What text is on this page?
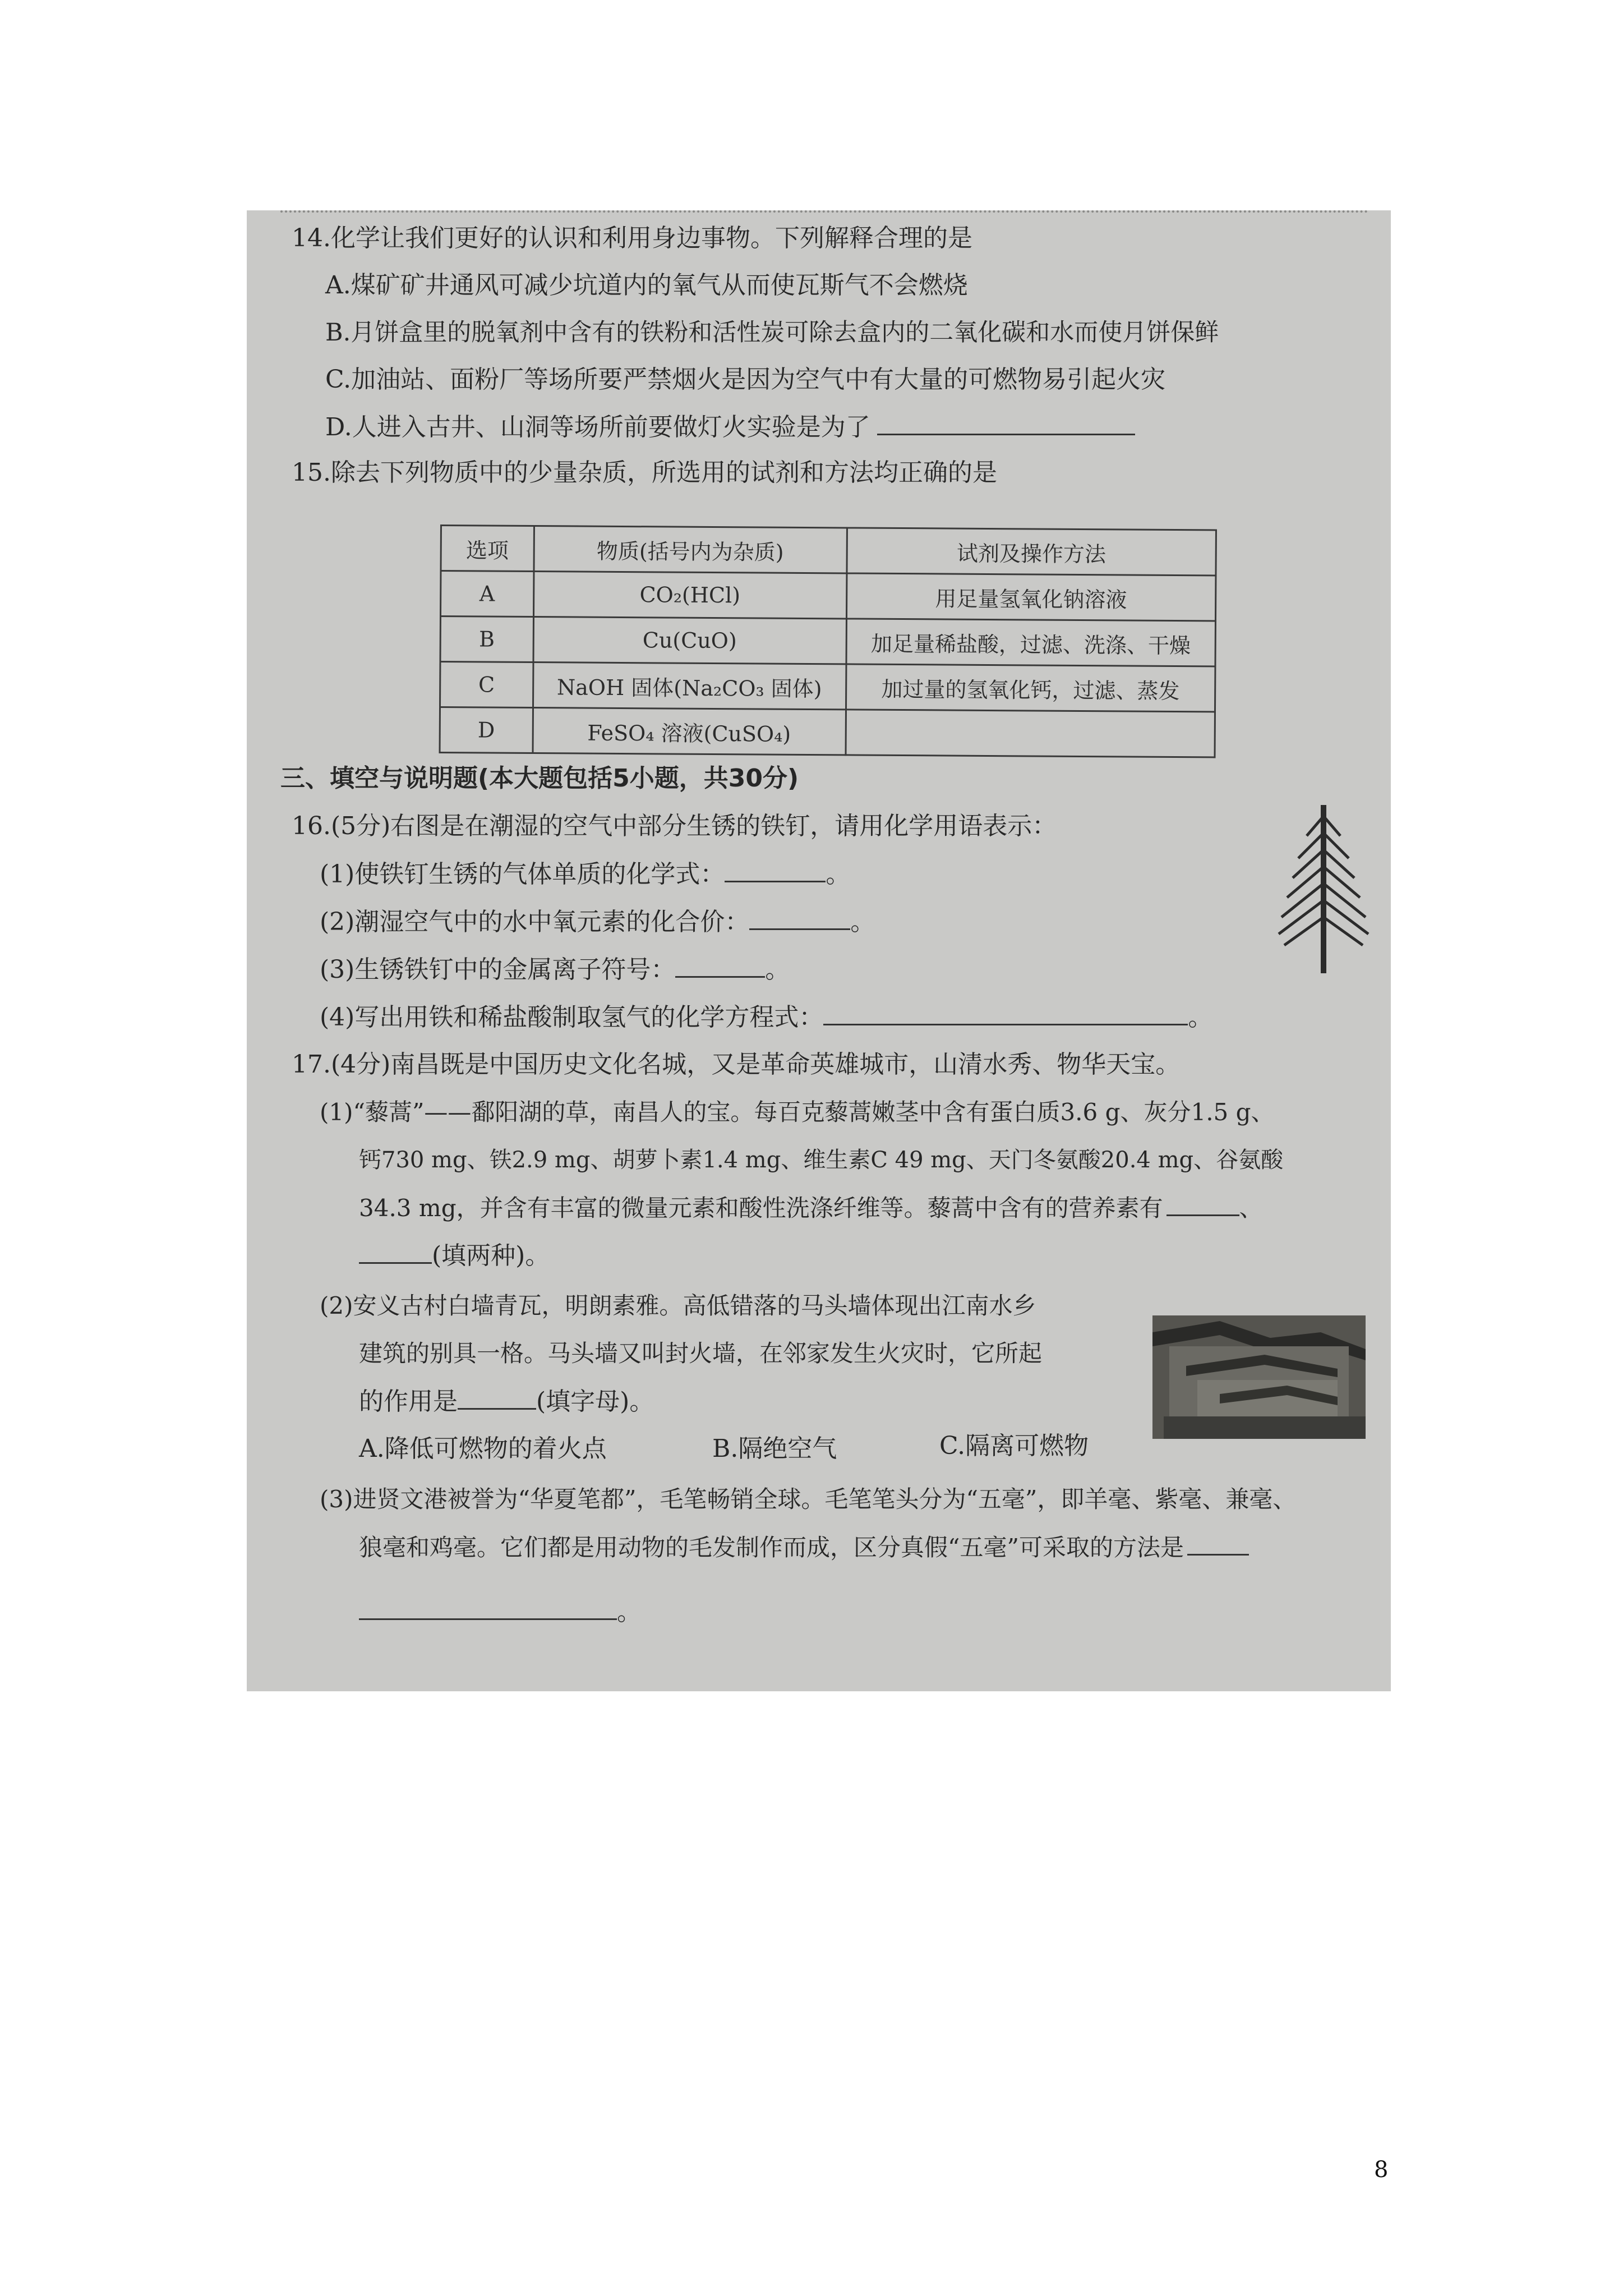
14.化学让我们更好的认识和利用身边事物。下列解释合理的是
A.煤矿矿井通风可减少坑道内的氧气从而使瓦斯气不会燃烧
B.月饼盒里的脱氧剂中含有的铁粉和活性炭可除去盒内的二氧化碳和水而使月饼保鲜
C.加油站、面粉厂等场所要严禁烟火是因为空气中有大量的可燃物易引起火灾
D.人进入古井、山洞等场所前要做灯火实验是为了
15.除去下列物质中的少量杂质，所选用的试剂和方法均正确的是
选项	物质(括号内为杂质)	试剂及操作方法
A	CO₂(HCl)	用足量氢氧化钠溶液
B	Cu(CuO)	加足量稀盐酸，过滤、洗涤、干燥
C	NaOH 固体(Na₂CO₃ 固体)	加过量的氢氧化钙，过滤、蒸发
D	FeSO₄ 溶液(CuSO₄)	
三、填空与说明题(本大题包括5小题，共30分)
16.(5分)右图是在潮湿的空气中部分生锈的铁钉，请用化学用语表示：
(1)使铁钉生锈的气体单质的化学式：	。
(2)潮湿空气中的水中氧元素的化合价：	。
(3)生锈铁钉中的金属离子符号：	。
(4)写出用铁和稀盐酸制取氢气的化学方程式：	。
17.(4分)南昌既是中国历史文化名城，又是革命英雄城市，山清水秀、物华天宝。
(1)“藜蒿”——鄱阳湖的草，南昌人的宝。每百克藜蒿嫩茎中含有蛋白质3.6 g、灰分1.5 g、
钙730 mg、铁2.9 mg、胡萝卜素1.4 mg、维生素C 49 mg、天门冬氨酸20.4 mg、谷氨酸
34.3 mg，并含有丰富的微量元素和酸性洗涤纤维等。藜蒿中含有的营养素有	、
(填两种)。
(2)安义古村白墙青瓦，明朗素雅。高低错落的马头墙体现出江南水乡
建筑的别具一格。马头墙又叫封火墙，在邻家发生火灾时，它所起
的作用是	(填字母)。
A.降低可燃物的着火点	B.隔绝空气	C.隔离可燃物
(3)进贤文港被誉为“华夏笔都”，毛笔畅销全球。毛笔笔头分为“五毫”，即羊毫、紫毫、兼毫、
狼毫和鸡毫。它们都是用动物的毛发制作而成，区分真假“五毫”可采取的方法是
。
8
